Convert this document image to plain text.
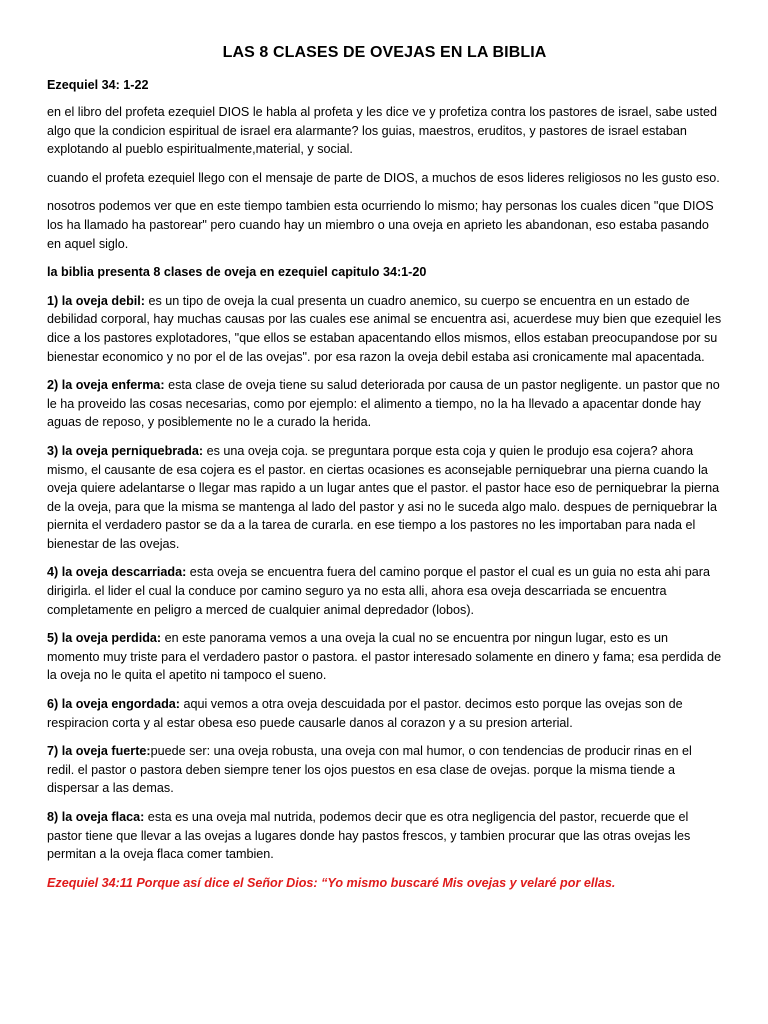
LAS 8 CLASES DE OVEJAS EN LA BIBLIA
Ezequiel 34: 1-22

en el libro del profeta ezequiel DIOS le habla al profeta y les dice ve y profetiza contra los pastores de israel, sabe usted algo que la condicion espiritual de israel era alarmante? los guias, maestros, eruditos, y pastores de israel estaban explotando al pueblo espiritualmente,material, y social.

cuando el profeta ezequiel llego con el mensaje de parte de DIOS, a muchos de esos lideres religiosos no les gusto eso.

nosotros podemos ver que en este tiempo tambien esta ocurriendo lo mismo; hay personas los cuales dicen "que DIOS los ha llamado ha pastorear" pero cuando hay un miembro o una oveja en aprieto les abandonan, eso estaba pasando en aquel siglo.

la biblia presenta 8 clases de oveja en ezequiel capitulo 34:1-20

1) la oveja debil: es un tipo de oveja la cual presenta un cuadro anemico, su cuerpo se encuentra en un estado de debilidad corporal, hay muchas causas por las cuales ese animal se encuentra asi, acuerdese muy bien que ezequiel les dice a los pastores explotadores, "que ellos se estaban apacentando ellos mismos, ellos estaban preocupandose por su bienestar economico y no por el de las ovejas". por esa razon la oveja debil estaba asi cronicamente mal apacentada.

2) la oveja enferma: esta clase de oveja tiene su salud deteriorada por causa de un pastor negligente. un pastor que no le ha proveido las cosas necesarias, como por ejemplo: el alimento a tiempo, no la ha llevado a apacentar donde hay aguas de reposo, y posiblemente no le a curado la herida.

3) la oveja perniquebrada: es una oveja coja. se preguntara porque esta coja y quien le produjo esa cojera? ahora mismo, el causante de esa cojera es el pastor. en ciertas ocasiones es aconsejable perniquebrar una pierna cuando la oveja quiere adelantarse o llegar mas rapido a un lugar antes que el pastor. el pastor hace eso de perniquebrar la pierna de la oveja, para que la misma se mantenga al lado del pastor y asi no le suceda algo malo. despues de perniquebrar la piernita el verdadero pastor se da a la tarea de curarla. en ese tiempo a los pastores no les importaban para nada el bienestar de las ovejas.

4) la oveja descarriada: esta oveja se encuentra fuera del camino porque el pastor el cual es un guia no esta ahi para dirigirla. el lider el cual la conduce por camino seguro ya no esta alli, ahora esa oveja descarriada se encuentra completamente en peligro a merced de cualquier animal depredador (lobos).

5) la oveja perdida: en este panorama vemos a una oveja la cual no se encuentra por ningun lugar, esto es un momento muy triste para el verdadero pastor o pastora. el pastor interesado solamente en dinero y fama; esa perdida de la oveja no le quita el apetito ni tampoco el sueno.

6) la oveja engordada: aqui vemos a otra oveja descuidada por el pastor. decimos esto porque las ovejas son de respiracion corta y al estar obesa eso puede causarle danos al corazon y a su presion arterial.

7) la oveja fuerte:puede ser: una oveja robusta, una oveja con mal humor, o con tendencias de producir rinas en el redil. el pastor o pastora deben siempre tener los ojos puestos en esa clase de ovejas. porque la misma tiende a dispersar a las demas.

8) la oveja flaca: esta es una oveja mal nutrida, podemos decir que es otra negligencia del pastor, recuerde que el pastor tiene que llevar a las ovejas a lugares donde hay pastos frescos, y tambien procurar que las otras ovejas les permitan a la oveja flaca comer tambien.

Ezequiel 34:11 Porque así dice el Señor Dios: “Yo mismo buscaré Mis ovejas y velaré por ellas.
